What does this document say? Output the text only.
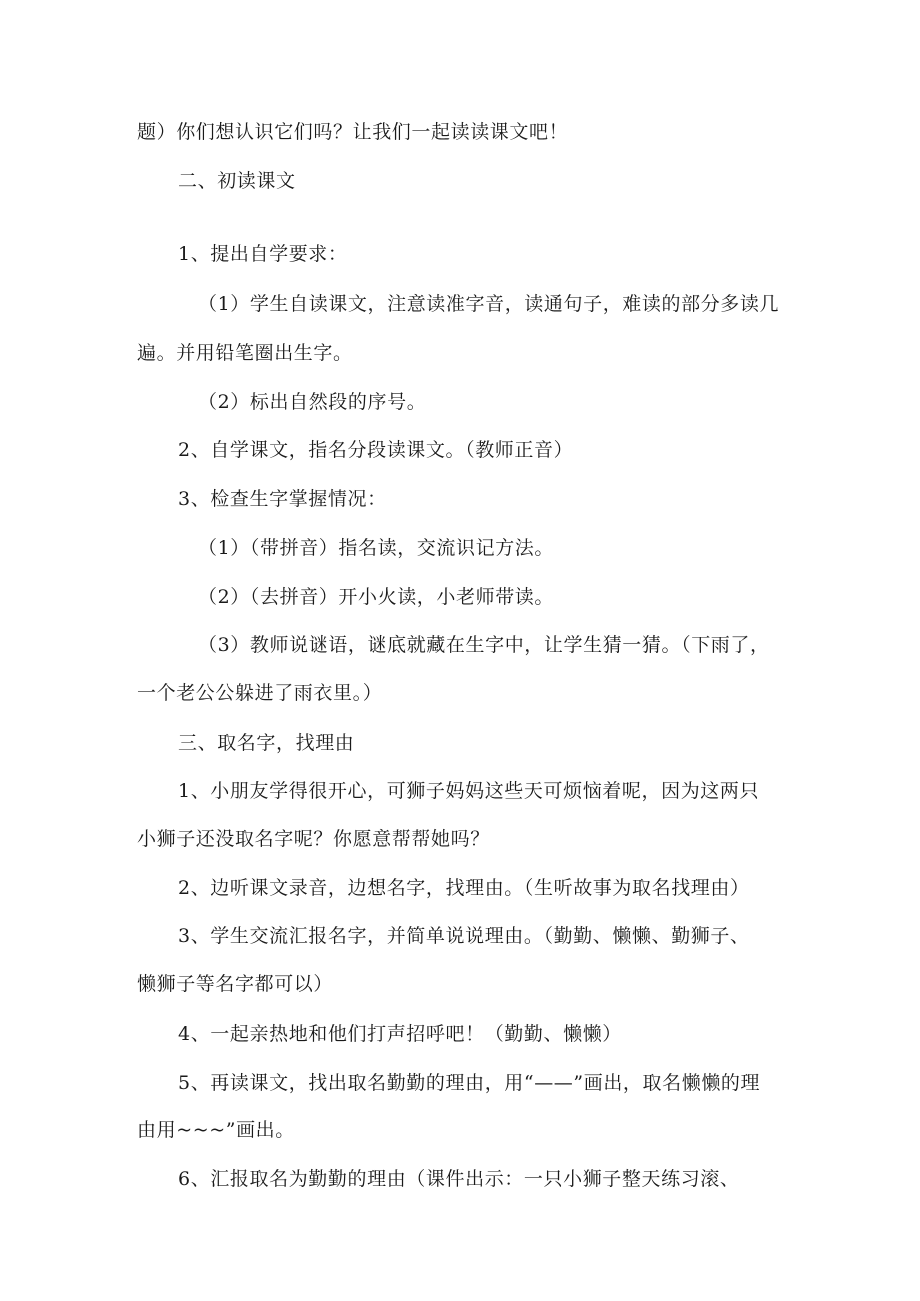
题）你们想认识它们吗？让我们一起读读课文吧！
二、初读课文
1、提出自学要求：
（1）学生自读课文，注意读准字音，读通句子，难读的部分多读几
遍。并用铅笔圈出生字。
（2）标出自然段的序号。
2、自学课文，指名分段读课文。（教师正音）
3、检查生字掌握情况：
（1）（带拼音）指名读，交流识记方法。
（2）（去拼音）开小火读，小老师带读。
（3）教师说谜语，谜底就藏在生字中，让学生猜一猜。（下雨了，
一个老公公躲进了雨衣里。）
三、取名字，找理由
1、小朋友学得很开心，可狮子妈妈这些天可烦恼着呢，因为这两只
小狮子还没取名字呢？你愿意帮帮她吗？
2、边听课文录音，边想名字，找理由。（生听故事为取名找理由）
3、学生交流汇报名字，并简单说说理由。（勤勤、懒懒、勤狮子、
懒狮子等名字都可以）
4、一起亲热地和他们打声招呼吧！（勤勤、懒懒）
5、再读课文，找出取名勤勤的理由，用“——”画出，取名懒懒的理
由用~~~”画出。
6、汇报取名为勤勤的理由（课件出示：一只小狮子整天练习滚、
